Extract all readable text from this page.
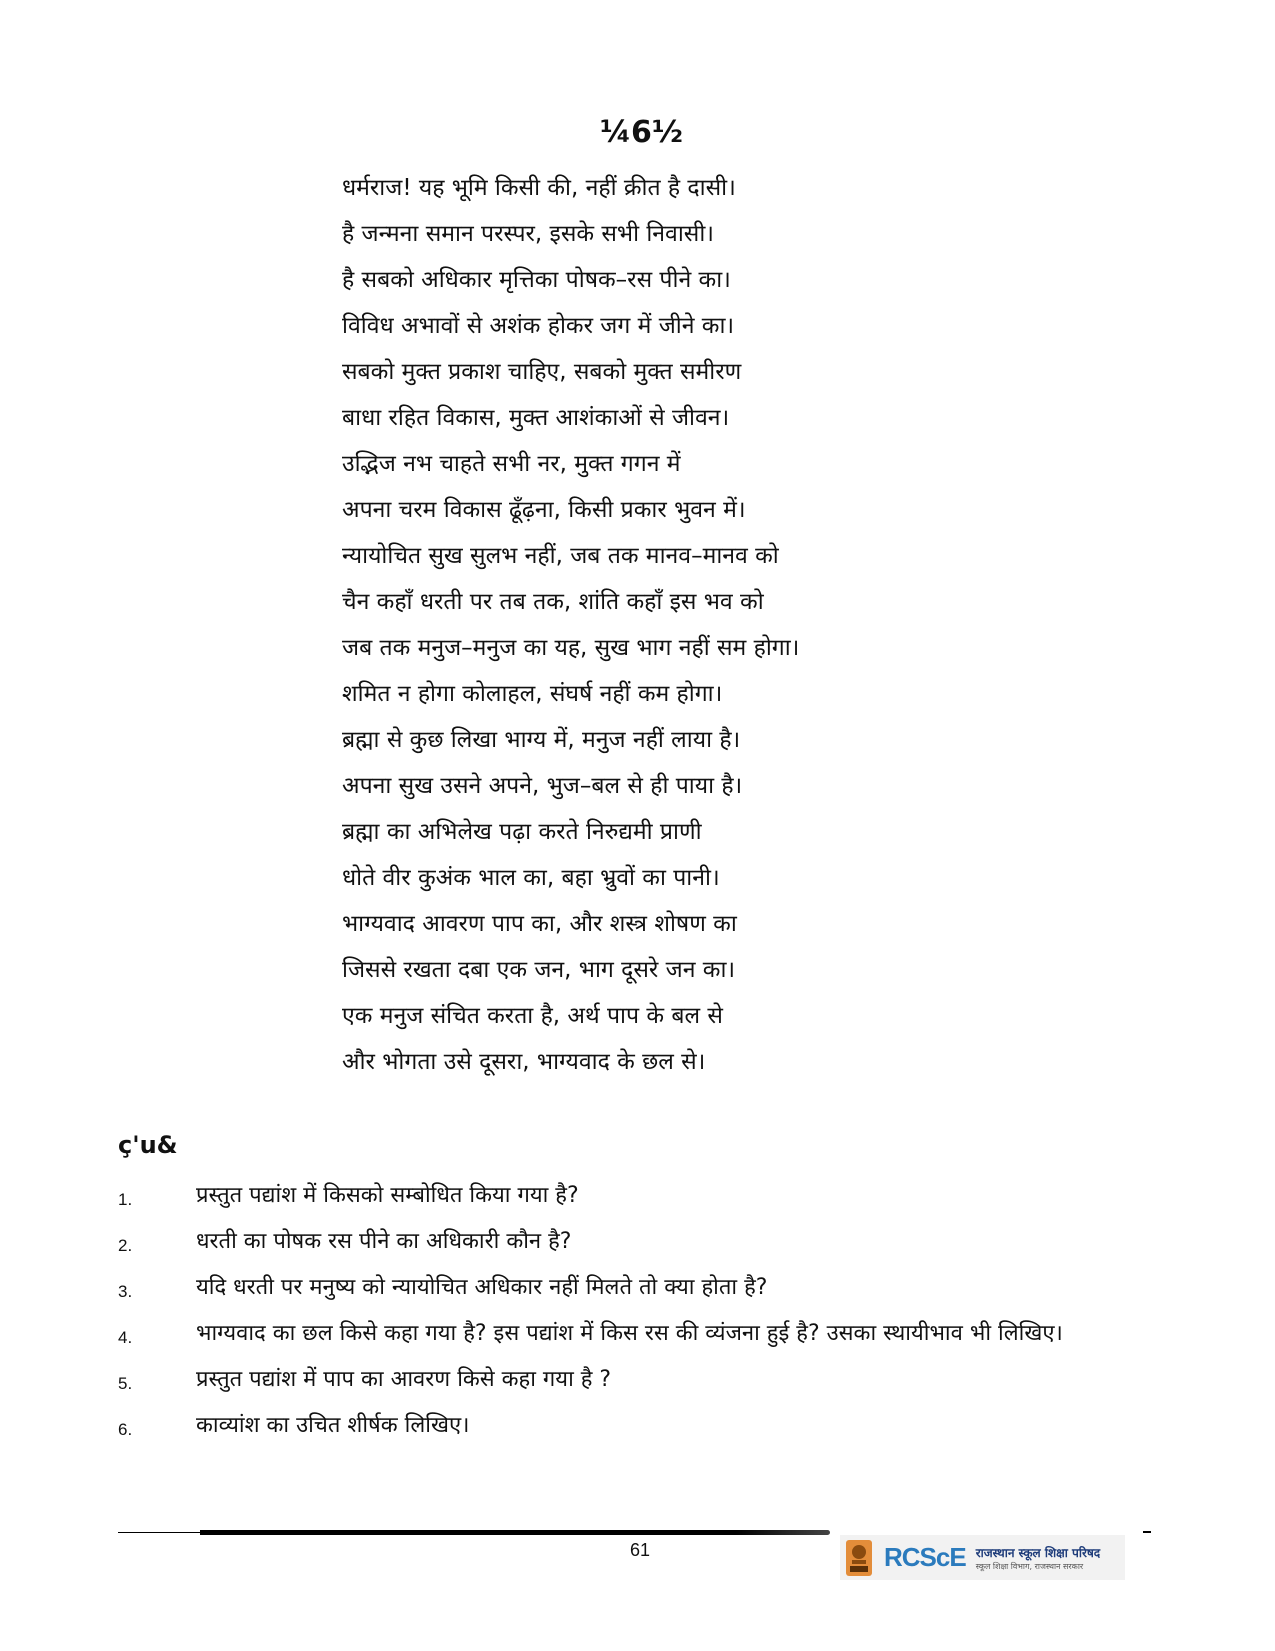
¼6½
धर्मराज! यह भूमि किसी की, नहीं क्रीत है दासी।
है जन्मना समान परस्पर, इसके सभी निवासी।
है सबको अधिकार मृत्तिका पोषक–रस पीने का।
विविध अभावों से अशंक होकर जग में जीने का।
सबको मुक्त प्रकाश चाहिए, सबको मुक्त समीरण
बाधा रहित विकास, मुक्त आशंकाओं से जीवन।
उद्भिज नभ चाहते सभी नर, मुक्त गगन में
अपना चरम विकास ढूँढ़ना, किसी प्रकार भुवन में।
न्यायोचित सुख सुलभ नहीं, जब तक मानव–मानव को
चैन कहाँ धरती पर तब तक, शांति कहाँ इस भव को
जब तक मनुज–मनुज का यह, सुख भाग नहीं सम होगा।
शमित न होगा कोलाहल, संघर्ष नहीं कम होगा।
ब्रह्मा से कुछ लिखा भाग्य में, मनुज नहीं लाया है।
अपना सुख उसने अपने, भुज–बल से ही पाया है।
ब्रह्मा का अभिलेख पढ़ा करते निरुद्यमी प्राणी
धोते वीर कुअंक भाल का, बहा भ्रुवों का पानी।
भाग्यवाद आवरण पाप का, और शस्त्र शोषण का
जिससे रखता दबा एक जन, भाग दूसरे जन का।
एक मनुज संचित करता है, अर्थ पाप के बल से
और भोगता उसे दूसरा, भाग्यवाद के छल से।
ç'u&
1.	प्रस्तुत पद्यांश में किसको सम्बोधित किया गया है?
2.	धरती का पोषक रस पीने का अधिकारी कौन है?
3.	यदि धरती पर मनुष्य को न्यायोचित अधिकार नहीं मिलते तो क्या होता है?
4.	भाग्यवाद का छल किसे कहा गया है? इस पद्यांश में किस रस की व्यंजना हुई है? उसका स्थायीभाव भी लिखिए।
5.	प्रस्तुत पद्यांश में पाप का आवरण किसे कहा गया है ?
6.	काव्यांश का उचित शीर्षक लिखिए।
61	RCScE राजस्थान स्कूल शिक्षा परिषद
स्कूल शिक्षा विभाग, राजस्थान सरकार
